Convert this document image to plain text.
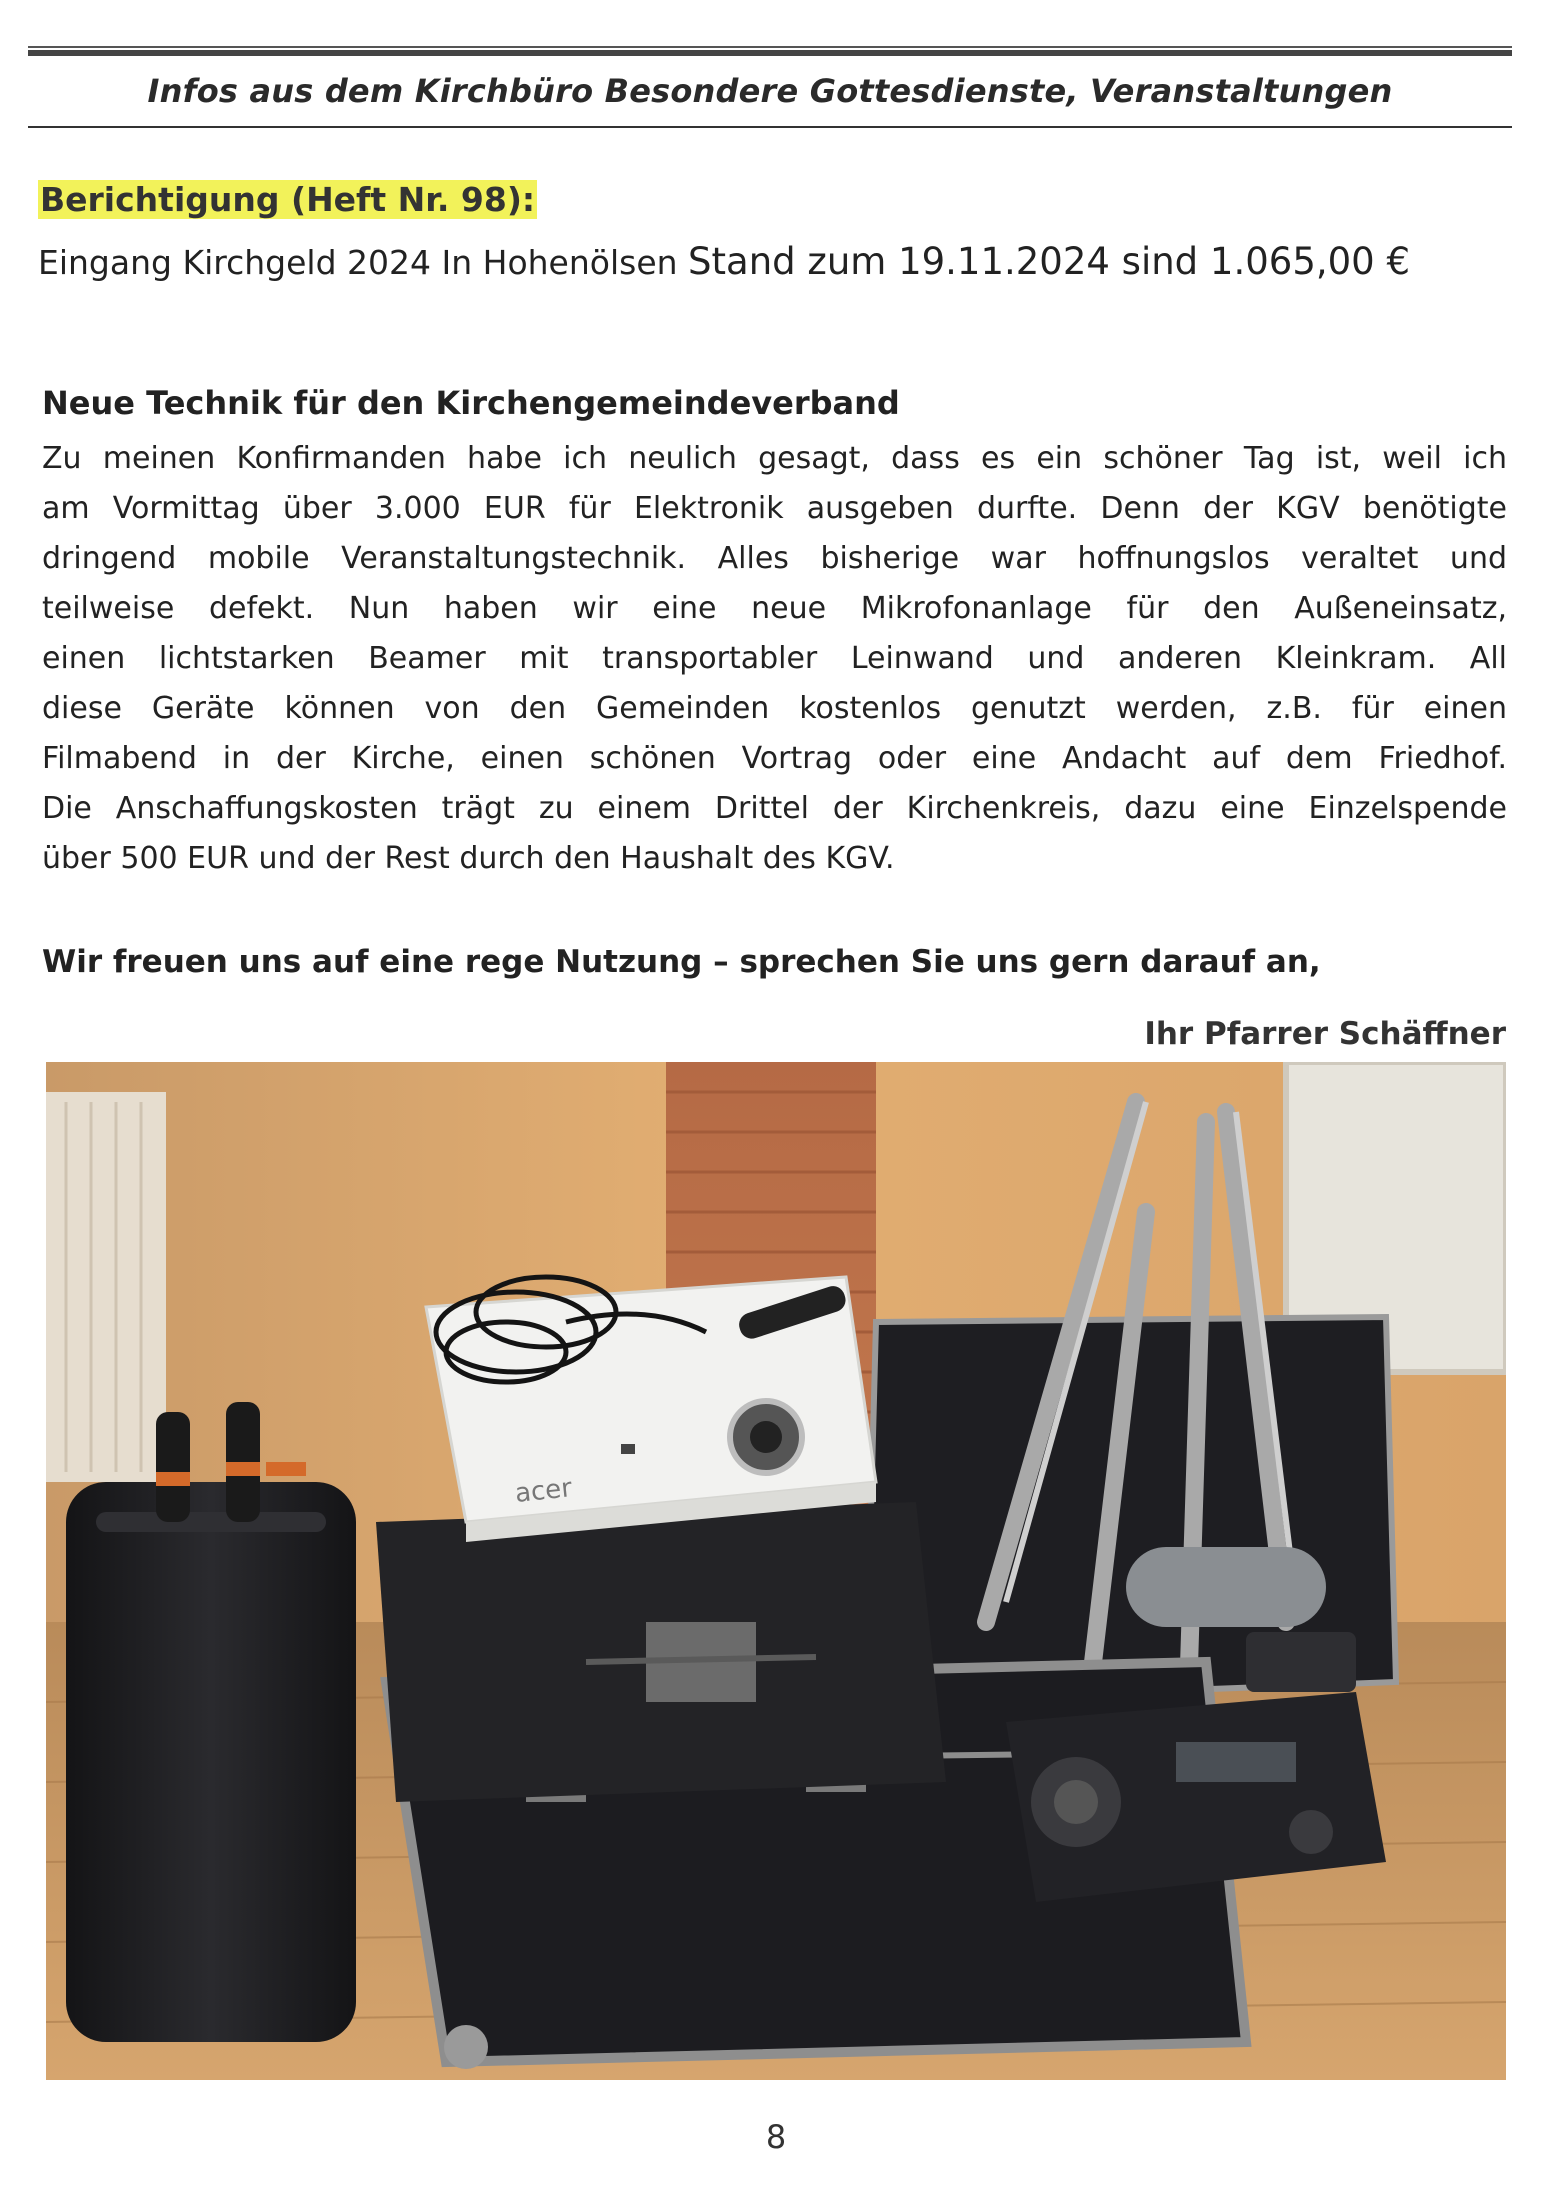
Infos aus dem Kirchbüro Besondere Gottesdienste, Veranstaltungen
Berichtigung (Heft Nr. 98):
Eingang Kirchgeld 2024 In Hohenölsen Stand zum 19.11.2024 sind 1.065,00 €
Neue Technik für den Kirchengemeindeverband
Zu meinen Konfirmanden habe ich neulich gesagt, dass es ein schöner Tag ist, weil ich
am Vormittag über 3.000 EUR für Elektronik ausgeben durfte. Denn der KGV benötigte
dringend mobile Veranstaltungstechnik. Alles bisherige war hoffnungslos veraltet und
teilweise defekt. Nun haben wir eine neue Mikrofonanlage für den Außeneinsatz,
einen lichtstarken Beamer mit transportabler Leinwand und anderen Kleinkram. All
diese Geräte können von den Gemeinden kostenlos genutzt werden, z.B. für einen
Filmabend in der Kirche, einen schönen Vortrag oder eine Andacht auf dem Friedhof.
Die Anschaffungskosten trägt zu einem Drittel der Kirchenkreis, dazu eine Einzelspende
über 500 EUR und der Rest durch den Haushalt des KGV.
Wir freuen uns auf eine rege Nutzung – sprechen Sie uns gern darauf an,
Ihr Pfarrer Schäffner
acer
8
